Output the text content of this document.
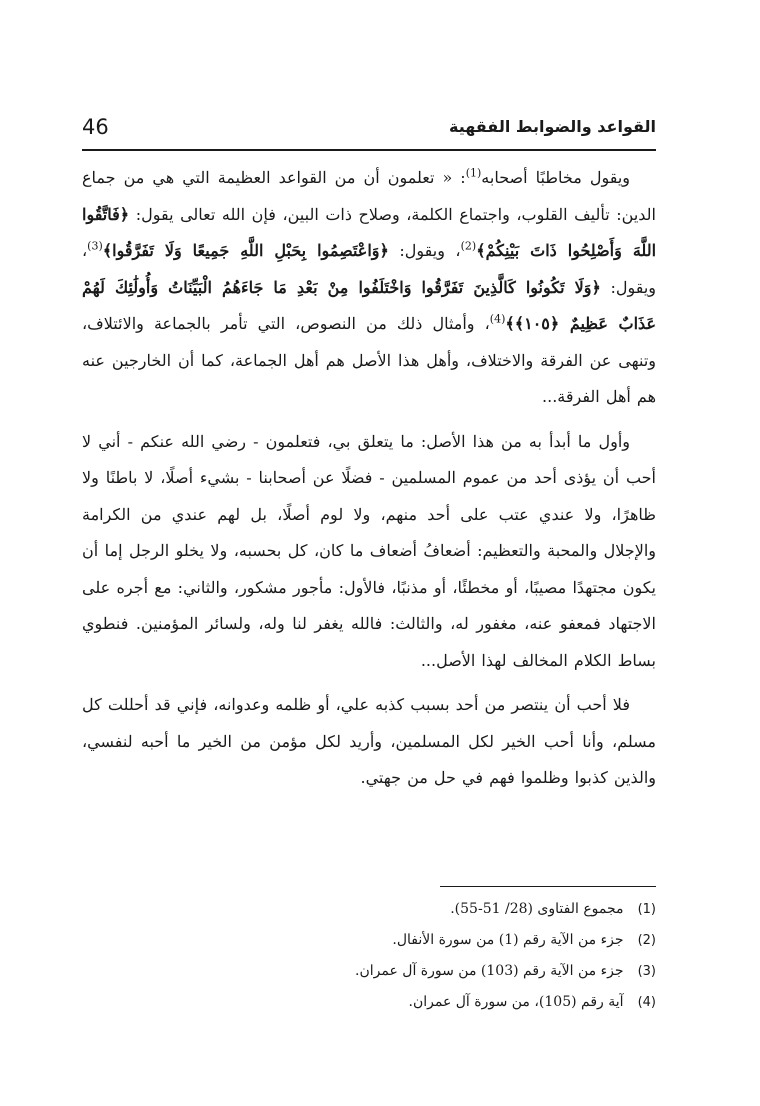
46	القواعد والضوابط الفقهية

ويقول مخاطبًا أصحابه$^{(1)}$: « تعلمون أن من القواعد العظيمة التي هي من جماع الدين: تأليف القلوب، واجتماع الكلمة، وصلاح ذات البين، فإن الله تعالى يقول: ﴿فَاتَّقُوا اللَّهَ وَأَصْلِحُوا ذَاتَ بَيْنِكُمْ﴾$^{(2)}$، ويقول: ﴿وَاعْتَصِمُوا بِحَبْلِ اللَّهِ جَمِيعًا وَلَا تَفَرَّقُوا﴾$^{(3)}$، ويقول: ﴿وَلَا تَكُونُوا كَالَّذِينَ تَفَرَّقُوا وَاخْتَلَفُوا مِنْ بَعْدِ مَا جَاءَهُمُ الْبَيِّنَاتُ وَأُولَٰئِكَ لَهُمْ عَذَابٌ عَظِيمٌ ﴿١٠٥﴾﴾$^{(4)}$، وأمثال ذلك من النصوص، التي تأمر بالجماعة والائتلاف، وتنهى عن الفرقة والاختلاف، وأهل هذا الأصل هم أهل الجماعة، كما أن الخارجين عنه هم أهل الفرقة...

وأول ما أبدأ به من هذا الأصل: ما يتعلق بي، فتعلمون - رضي الله عنكم - أني لا أحب أن يؤذى أحد من عموم المسلمين - فضلًا عن أصحابنا - بشيء أصلًا، لا باطنًا ولا ظاهرًا، ولا عندي عتب على أحد منهم، ولا لوم أصلًا، بل لهم عندي من الكرامة والإجلال والمحبة والتعظيم: أضعافُ أضعاف ما كان، كل بحسبه، ولا يخلو الرجل إما أن يكون مجتهدًا مصيبًا، أو مخطئًا، أو مذنبًا، فالأول: مأجور مشكور، والثاني: مع أجره على الاجتهاد فمعفو عنه، مغفور له، والثالث: فالله يغفر لنا وله، ولسائر المؤمنين. فنطوي بساط الكلام المخالف لهذا الأصل...

فلا أحب أن ينتصر من أحد بسبب كذبه علي، أو ظلمه وعدوانه، فإني قد أحللت كل مسلم، وأنا أحب الخير لكل المسلمين، وأريد لكل مؤمن من الخير ما أحبه لنفسي، والذين كذبوا وظلموا فهم في حل من جهتي.

(1) مجموع الفتاوى (28/ 51-55).
(2) جزء من الآية رقم (1) من سورة الأنفال.
(3) جزء من الآية رقم (103) من سورة آل عمران.
(4) آية رقم (105)، من سورة آل عمران.
